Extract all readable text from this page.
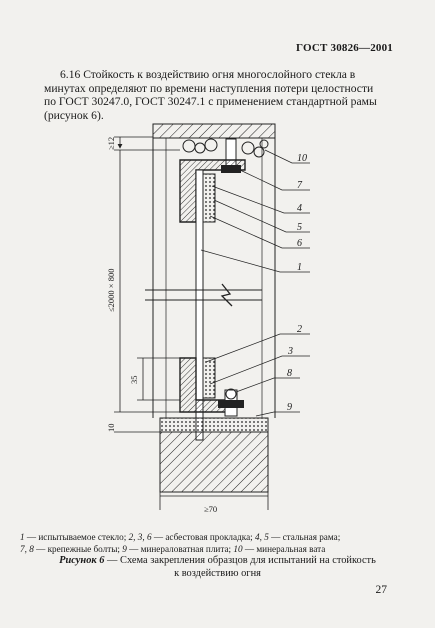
ГОСТ 30826—2001

6.16 Стойкость к воздействию огня многослойного стекла в

минутах определяют по времени наступления потери целостности

по ГОСТ 30247.0, ГОСТ 30247.1 с применением стандартной рамы

(рисунок 6).

10
7
4
5
6
1
2
3
8
9
≥12
≤2000 × 800
35
10
≥70
1 — испытываемое стекло; 2, 3, 6 — асбестовая прокладка; 4, 5 — стальная рама;
7, 8 — крепежные болты; 9 — минераловатная плита; 10 — минеральная вата
Рисунок 6 — Схема закрепления образцов для испытаний на стойкость
к воздействию огня
27
